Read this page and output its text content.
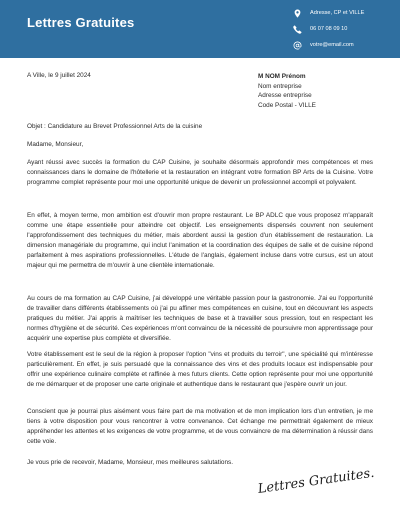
Lettres Gratuites
Adresse, CP et VILLE
06 07 08 09 10
votre@email.com
A Ville, le 9 juillet 2024	M NOM Prénom
Nom entreprise
Adresse entreprise
Code Postal - VILLE
Objet : Candidature au Brevet Professionnel Arts de la cuisine
Madame, Monsieur,

Ayant réussi avec succès la formation du CAP Cuisine, je souhaite désormais approfondir mes compétences et mes connaissances dans le domaine de l'hôtellerie et la restauration en intégrant votre formation BP Arts de la Cuisine. Votre programme complet représente pour moi une opportunité unique de devenir un professionnel accompli et polyvalent.

En effet, à moyen terme, mon ambition est d'ouvrir mon propre restaurant. Le BP ADLC que vous proposez m'apparaît comme une étape essentielle pour atteindre cet objectif. Les enseignements dispensés couvrent non seulement l'approfondissement des techniques du métier, mais abordent aussi la gestion d'un établissement de restauration. La dimension managériale du programme, qui inclut l'animation et la coordination des équipes de salle et de cuisine répond parfaitement à mes aspirations professionnelles. L'étude de l'anglais, également incluse dans votre cursus, est un atout majeur qui me permettra de m'ouvrir à une clientèle internationale.

Au cours de ma formation au CAP Cuisine, j'ai développé une véritable passion pour la gastronomie. J'ai eu l'opportunité de travailler dans différents établissements où j'ai pu affiner mes compétences en cuisine, tout en découvrant les aspects pratiques du métier. J'ai appris à maîtriser les techniques de base et à travailler sous pression, tout en respectant les normes d'hygiène et de sécurité. Ces expériences m'ont convaincu de la nécessité de poursuivre mon apprentissage pour acquérir une expertise plus complète et diversifiée.

Votre établissement est le seul de la région à proposer l'option "vins et produits du terroir", une spécialité qui m'intéresse particulièrement. En effet, je suis persuadé que la connaissance des vins et des produits locaux est indispensable pour offrir une expérience culinaire complète et raffinée à mes futurs clients. Cette option représente pour moi une opportunité de me démarquer et de proposer une carte originale et authentique dans le restaurant que j'espère ouvrir un jour.

Conscient que je pourrai plus aisément vous faire part de ma motivation et de mon implication lors d'un entretien, je me tiens à votre disposition pour vous rencontrer à votre convenance. Cet échange me permettrait également de mieux appréhender les attentes et les exigences de votre programme, et de vous convaincre de ma détermination à réussir dans cette voie.

Je vous prie de recevoir, Madame, Monsieur, mes meilleures salutations.
Lettres Gratuites.
